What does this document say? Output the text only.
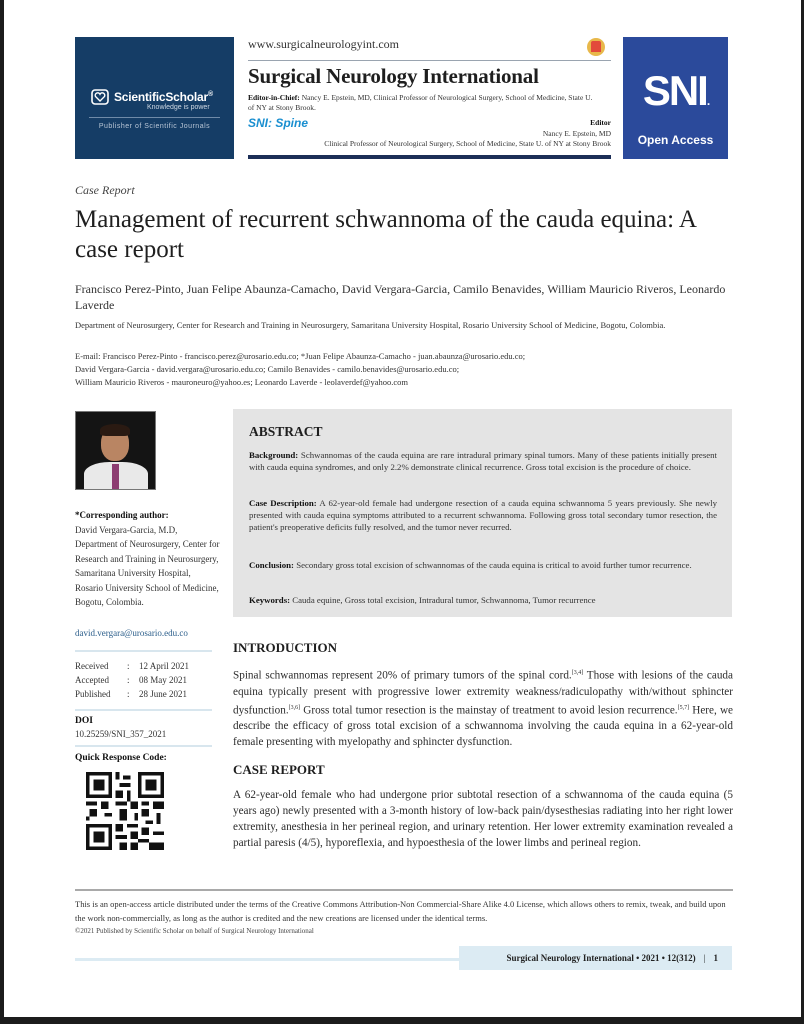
ScientificScholar®
Knowledge is power
Publisher of Scientific Journals
www.surgicalneurologyint.com
Surgical Neurology International
Editor-in-Chief: Nancy E. Epstein, MD, Clinical Professor of Neurological Surgery, School of Medicine, State U. of NY at Stony Brook.
SNI: Spine	Editor
Nancy E. Epstein, MD
Clinical Professor of Neurological Surgery, School of Medicine, State U. of NY at Stony Brook
SNI.
Open Access
Case Report
Management of recurrent schwannoma of the cauda equina: A case report
Francisco Perez-Pinto, Juan Felipe Abaunza-Camacho, David Vergara-Garcia, Camilo Benavides, William Mauricio Riveros, Leonardo Laverde
Department of Neurosurgery, Center for Research and Training in Neurosurgery, Samaritana University Hospital, Rosario University School of Medicine, Bogotu, Colombia.
E-mail: Francisco Perez-Pinto - francisco.perez@urosario.edu.co; *Juan Felipe Abaunza-Camacho - juan.abaunza@urosario.edu.co;
David Vergara-Garcia - david.vergara@urosario.edu.co; Camilo Benavides - camilo.benavides@urosario.edu.co;
William Mauricio Riveros - mauroneuro@yahoo.es; Leonardo Laverde - leolaverdef@yahoo.com
*Corresponding author:
David Vergara-Garcia, M.D, Department of Neurosurgery, Center for Research and Training in Neurosurgery, Samaritana University Hospital, Rosario University School of Medicine, Bogotu, Colombia.
david.vergara@urosario.edu.co
Received	:	12 April 2021
Accepted	:	08 May 2021
Published	:	28 June 2021
DOI
10.25259/SNI_357_2021
Quick Response Code:
ABSTRACT

Background: Schwannomas of the cauda equina are rare intradural primary spinal tumors. Many of these patients initially present with cauda equina syndromes, and only 2.2% demonstrate clinical recurrence. Gross total excision is the procedure of choice.

Case Description: A 62-year-old female had undergone resection of a cauda equina schwannoma 5 years previously. She newly presented with cauda equina symptoms attributed to a recurrent schwannoma. Following gross total secondary tumor resection, the patient's preoperative deficits fully resolved, and the tumor never recurred.

Conclusion: Secondary gross total excision of schwannomas of the cauda equina is critical to avoid further tumor recurrence.

Keywords: Cauda equine, Gross total excision, Intradural tumor, Schwannoma, Tumor recurrence

INTRODUCTION

Spinal schwannomas represent 20% of primary tumors of the spinal cord.[3,4] Those with lesions of the cauda equina typically present with progressive lower extremity weakness/radiculopathy with/without sphincter dysfunction.[3,6] Gross total tumor resection is the mainstay of treatment to avoid lesion recurrence.[5,7] Here, we describe the efficacy of gross total excision of a schwannoma involving the cauda equina in a 62-year-old female presenting with myelopathy and sphincter dysfunction.

CASE REPORT

A 62-year-old female who had undergone prior subtotal resection of a schwannoma of the cauda equina (5 years ago) newly presented with a 3-month history of low-back pain/dysesthesias radiating into her right lower extremity, anesthesia in her perineal region, and urinary retention. Her lower extremity examination revealed a partial paresis (4/5), hyporeflexia, and hypoesthesia of the lower limbs and perineal region.

This is an open-access article distributed under the terms of the Creative Commons Attribution-Non Commercial-Share Alike 4.0 License, which allows others to remix, tweak, and build upon the work non-commercially, as long as the author is credited and the new creations are licensed under the identical terms.
©2021 Published by Scientific Scholar on behalf of Surgical Neurology International
Surgical Neurology International • 2021 • 12(312) | 1
